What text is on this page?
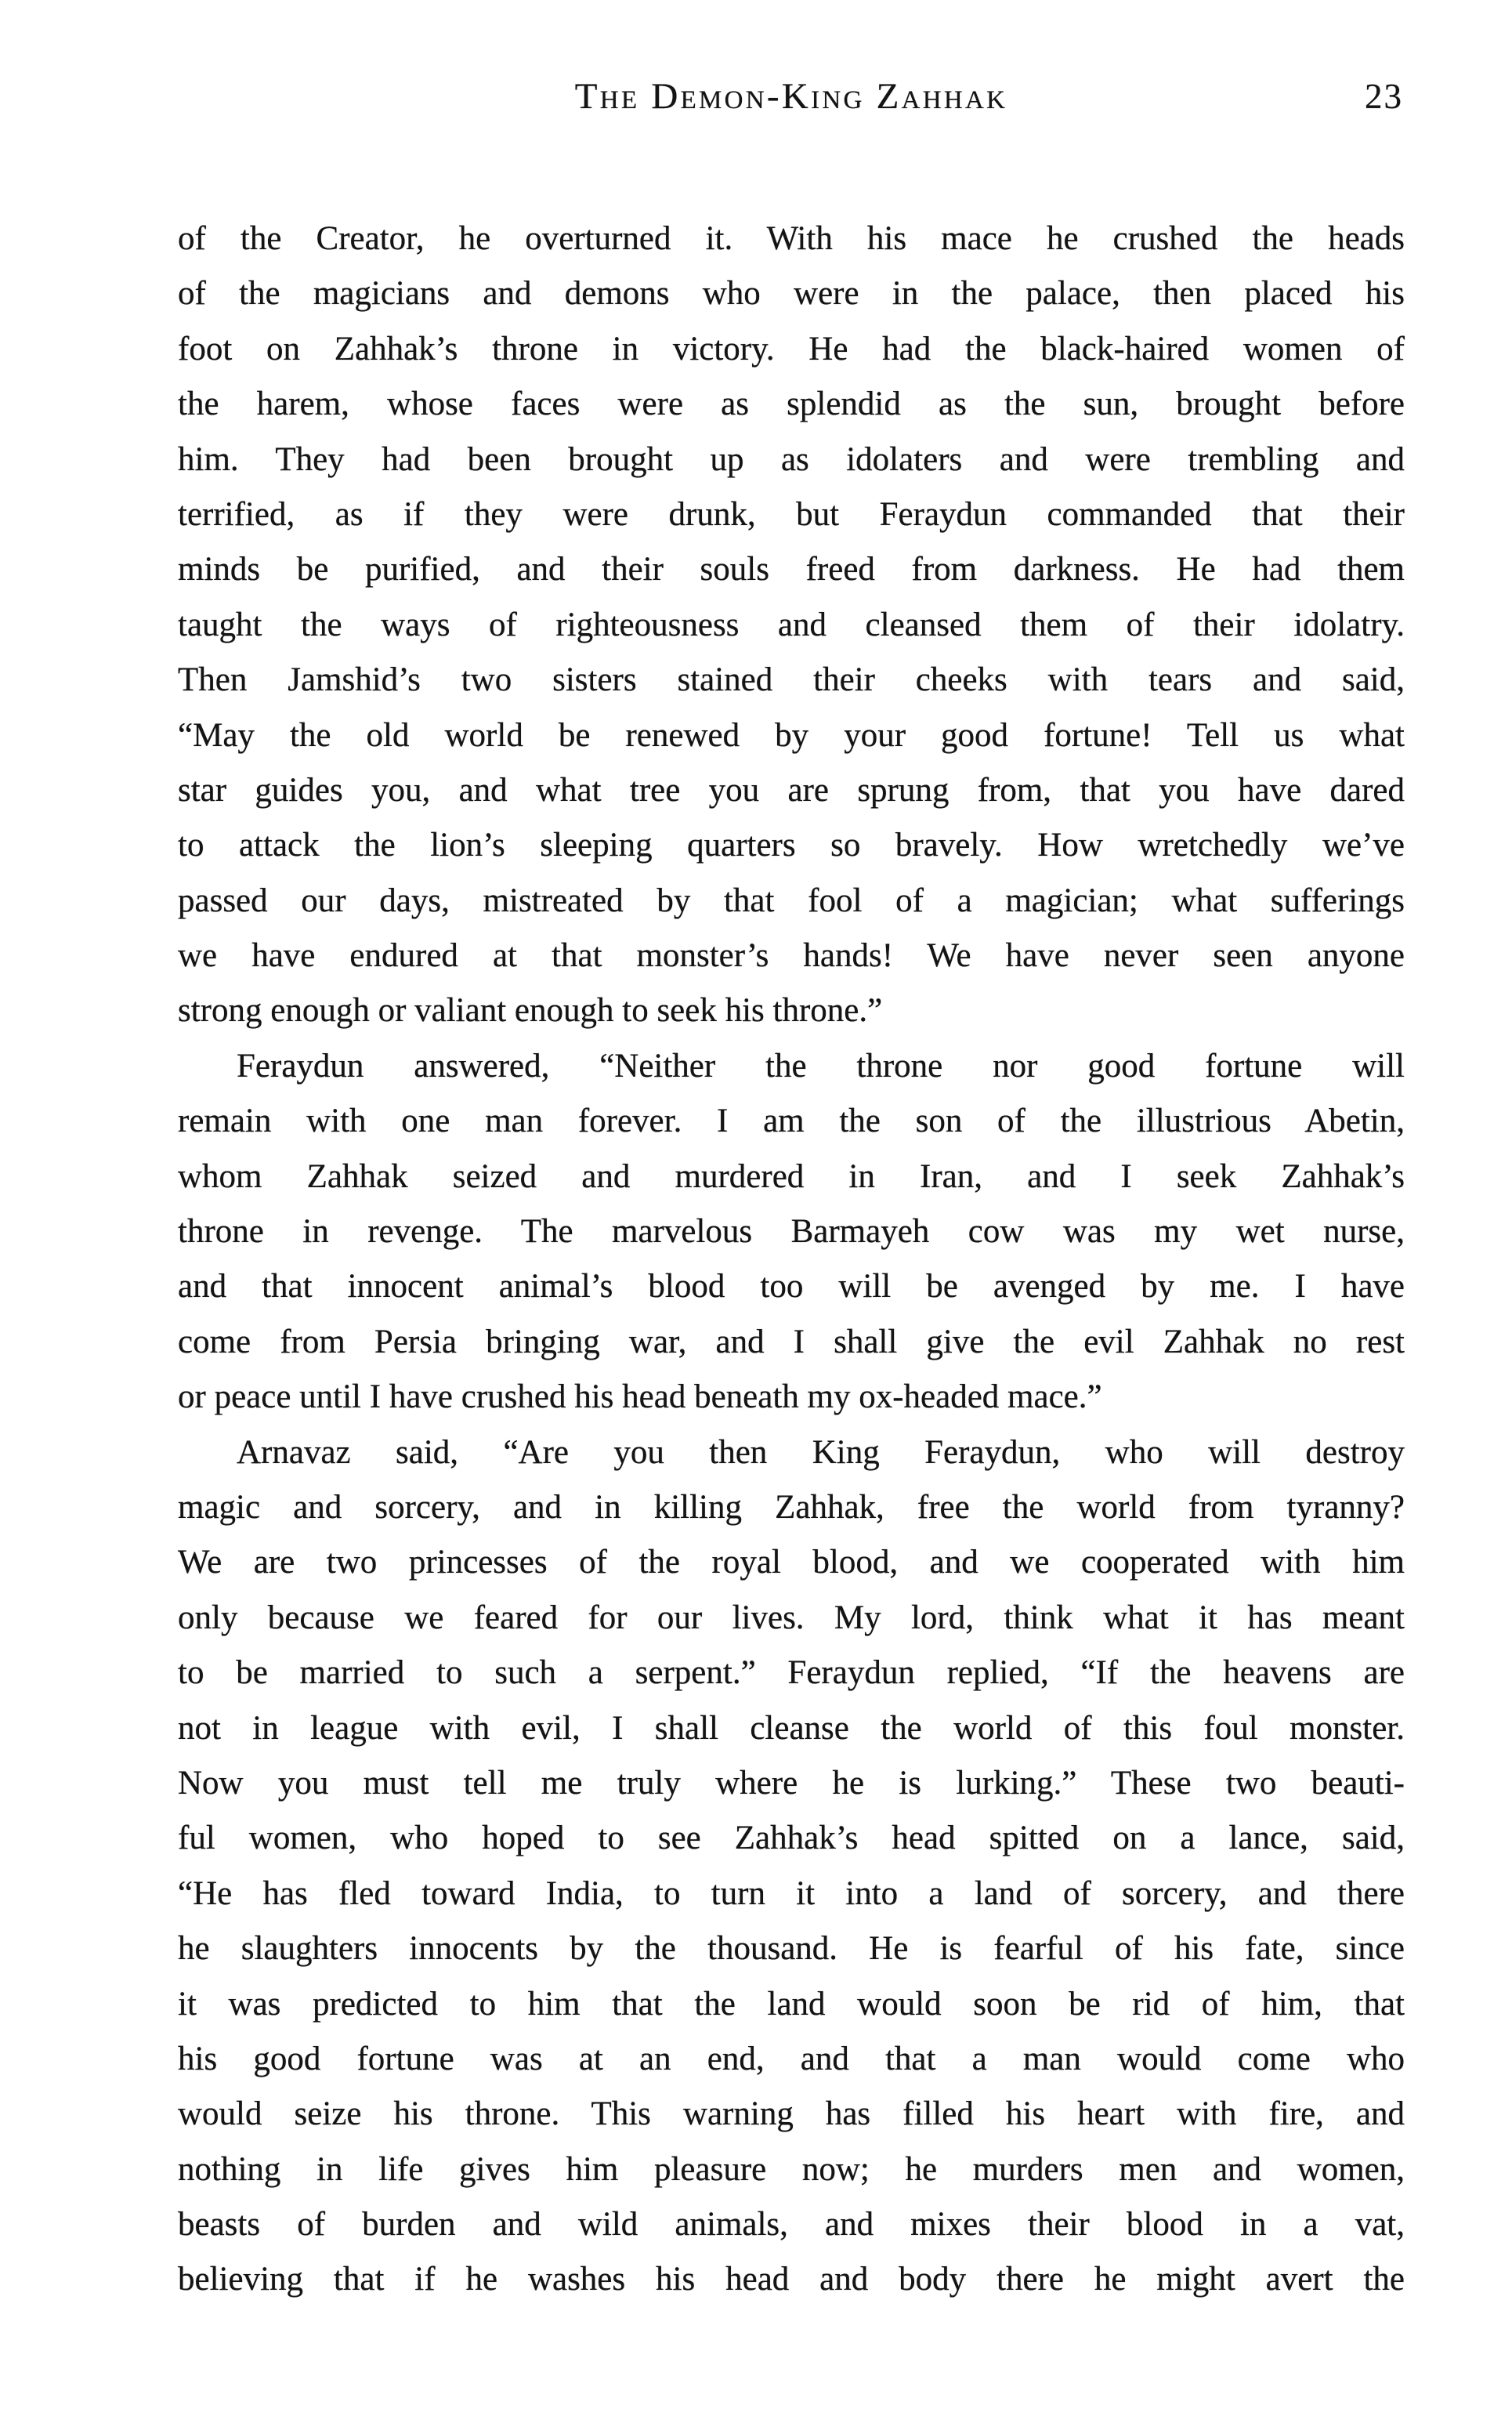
The Demon-King Zahhak	23
of the Creator, he overturned it. With his mace he crushed the heads
of the magicians and demons who were in the palace, then placed his
foot on Zahhak’s throne in victory. He had the black-haired women of
the harem, whose faces were as splendid as the sun, brought before
him. They had been brought up as idolaters and were trembling and
terrified, as if they were drunk, but Feraydun commanded that their
minds be purified, and their souls freed from darkness. He had them
taught the ways of righteousness and cleansed them of their idolatry.
Then Jamshid’s two sisters stained their cheeks with tears and said,
“May the old world be renewed by your good fortune! Tell us what
star guides you, and what tree you are sprung from, that you have dared
to attack the lion’s sleeping quarters so bravely. How wretchedly we’ve
passed our days, mistreated by that fool of a magician; what sufferings
we have endured at that monster’s hands! We have never seen anyone
strong enough or valiant enough to seek his throne.”
Feraydun answered, “Neither the throne nor good fortune will
remain with one man forever. I am the son of the illustrious Abetin,
whom Zahhak seized and murdered in Iran, and I seek Zahhak’s
throne in revenge. The marvelous Barmayeh cow was my wet nurse,
and that innocent animal’s blood too will be avenged by me. I have
come from Persia bringing war, and I shall give the evil Zahhak no rest
or peace until I have crushed his head beneath my ox-headed mace.”
Arnavaz said, “Are you then King Feraydun, who will destroy
magic and sorcery, and in killing Zahhak, free the world from tyranny?
We are two princesses of the royal blood, and we cooperated with him
only because we feared for our lives. My lord, think what it has meant
to be married to such a serpent.” Feraydun replied, “If the heavens are
not in league with evil, I shall cleanse the world of this foul monster.
Now you must tell me truly where he is lurking.” These two beauti-
ful women, who hoped to see Zahhak’s head spitted on a lance, said,
“He has fled toward India, to turn it into a land of sorcery, and there
he slaughters innocents by the thousand. He is fearful of his fate, since
it was predicted to him that the land would soon be rid of him, that
his good fortune was at an end, and that a man would come who
would seize his throne. This warning has filled his heart with fire, and
nothing in life gives him pleasure now; he murders men and women,
beasts of burden and wild animals, and mixes their blood in a vat,
believing that if he washes his head and body there he might avert the
